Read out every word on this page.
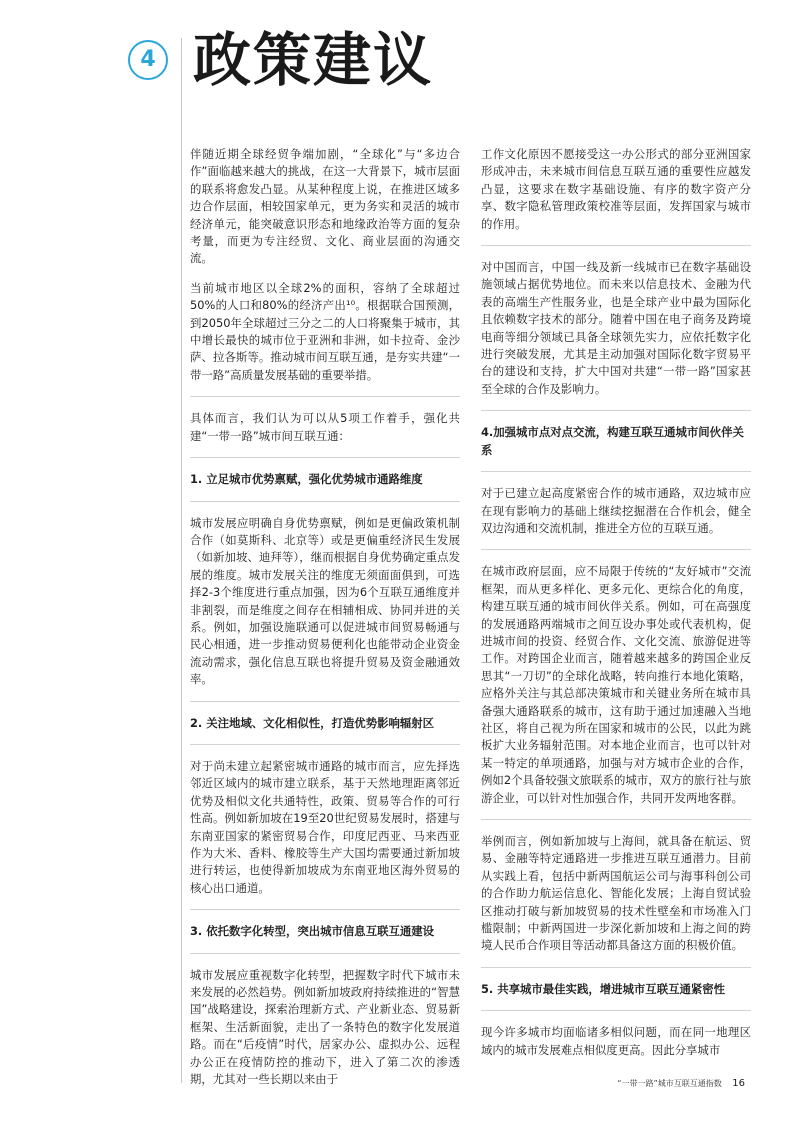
4 政策建议
伴随近期全球经贸争端加剧，“全球化”与“多边合作”面临越来越大的挑战，在这一大背景下，城市层面的联系将愈发凸显。从某种程度上说，在推进区域多边合作层面，相较国家单元，更为务实和灵活的城市经济单元，能突破意识形态和地缘政治等方面的复杂考量，而更为专注经贸、文化、商业层面的沟通交流。
当前城市地区以全球2%的面积，容纳了全球超过50%的人口和80%的经济产出¹⁰。根据联合国预测，到2050年全球超过三分之二的人口将聚集于城市，其中增长最快的城市位于亚洲和非洲，如卡拉奇、金沙萨、拉各斯等。推动城市间互联互通，是夯实共建“一带一路”高质量发展基础的重要举措。
具体而言，我们认为可以从5项工作着手，强化共建“一带一路”城市间互联互通：
1. 立足城市优势禀赋，强化优势城市通路维度
城市发展应明确自身优势禀赋，例如是更偏政策机制合作（如莫斯科、北京等）或是更偏重经济民生发展（如新加坡、迪拜等），继而根据自身优势确定重点发展的维度。城市发展关注的维度无须面面俱到，可选择2-3个维度进行重点加强，因为6个互联互通维度并非割裂，而是维度之间存在相辅相成、协同并进的关系。例如，加强设施联通可以促进城市间贸易畅通与民心相通，进一步推动贸易便利化也能带动企业资金流动需求，强化信息互联也将提升贸易及资金融通效率。
2. 关注地域、文化相似性，打造优势影响辐射区
对于尚未建立起紧密城市通路的城市而言，应先择选邻近区域内的城市建立联系，基于天然地理距离邻近优势及相似文化共通特性，政策、贸易等合作的可行性高。例如新加坡在19至20世纪贸易发展时，搭建与东南亚国家的紧密贸易合作，印度尼西亚、马来西亚作为大米、香料、橡胶等生产大国均需要通过新加坡进行转运，也使得新加坡成为东南亚地区海外贸易的核心出口通道。
3. 依托数字化转型，突出城市信息互联互通建设
城市发展应重视数字化转型，把握数字时代下城市未来发展的必然趋势。例如新加坡政府持续推进的“智慧国”战略建设，探索治理新方式、产业新业态、贸易新框架、生活新面貌，走出了一条特色的数字化发展道路。而在“后疫情”时代，居家办公、虚拟办公、远程办公正在疫情防控的推动下，进入了第二次的渗透期，尤其对一些长期以来由于
工作文化原因不愿接受这一办公形式的部分亚洲国家形成冲击，未来城市间信息互联互通的重要性应越发凸显，这要求在数字基础设施、有序的数字资产分享、数字隐私管理政策校准等层面，发挥国家与城市的作用。
对中国而言，中国一线及新一线城市已在数字基础设施领域占据优势地位。而未来以信息技术、金融为代表的高端生产性服务业，也是全球产业中最为国际化且依赖数字技术的部分。随着中国在电子商务及跨境电商等细分领域已具备全球领先实力，应依托数字化进行突破发展，尤其是主动加强对国际化数字贸易平台的建设和支持，扩大中国对共建“一带一路”国家甚至全球的合作及影响力。
4.加强城市点对点交流，构建互联互通城市间伙伴关系
对于已建立起高度紧密合作的城市通路，双边城市应在现有影响力的基础上继续挖掘潜在合作机会，健全双边沟通和交流机制，推进全方位的互联互通。
在城市政府层面，应不局限于传统的“友好城市”交流框架，而从更多样化、更多元化、更综合化的角度，构建互联互通的城市间伙伴关系。例如，可在高强度的发展通路两端城市之间互设办事处或代表机构，促进城市间的投资、经贸合作、文化交流、旅游促进等工作。对跨国企业而言，随着越来越多的跨国企业反思其“一刀切”的全球化战略，转向推行本地化策略，应格外关注与其总部决策城市和关键业务所在城市具备强大通路联系的城市，这有助于通过加速融入当地社区，将自己视为所在国家和城市的公民，以此为跳板扩大业务辐射范围。对本地企业而言，也可以针对某一特定的单项通路，加强与对方城市企业的合作，例如2个具备较强文旅联系的城市，双方的旅行社与旅游企业，可以针对性加强合作，共同开发两地客群。
举例而言，例如新加坡与上海间，就具备在航运、贸易、金融等特定通路进一步推进互联互通潜力。目前从实践上看，包括中新两国航运公司与海事科创公司的合作助力航运信息化、智能化发展；上海自贸试验区推动打破与新加坡贸易的技术性壁垒和市场准入门槛限制；中新两国进一步深化新加坡和上海之间的跨境人民币合作项目等活动都具备这方面的积极价值。
5. 共享城市最佳实践，增进城市互联互通紧密性
现今许多城市均面临诸多相似问题，而在同一地理区域内的城市发展难点相似度更高。因此分享城市
“一带一路”城市互联互通指数 16
